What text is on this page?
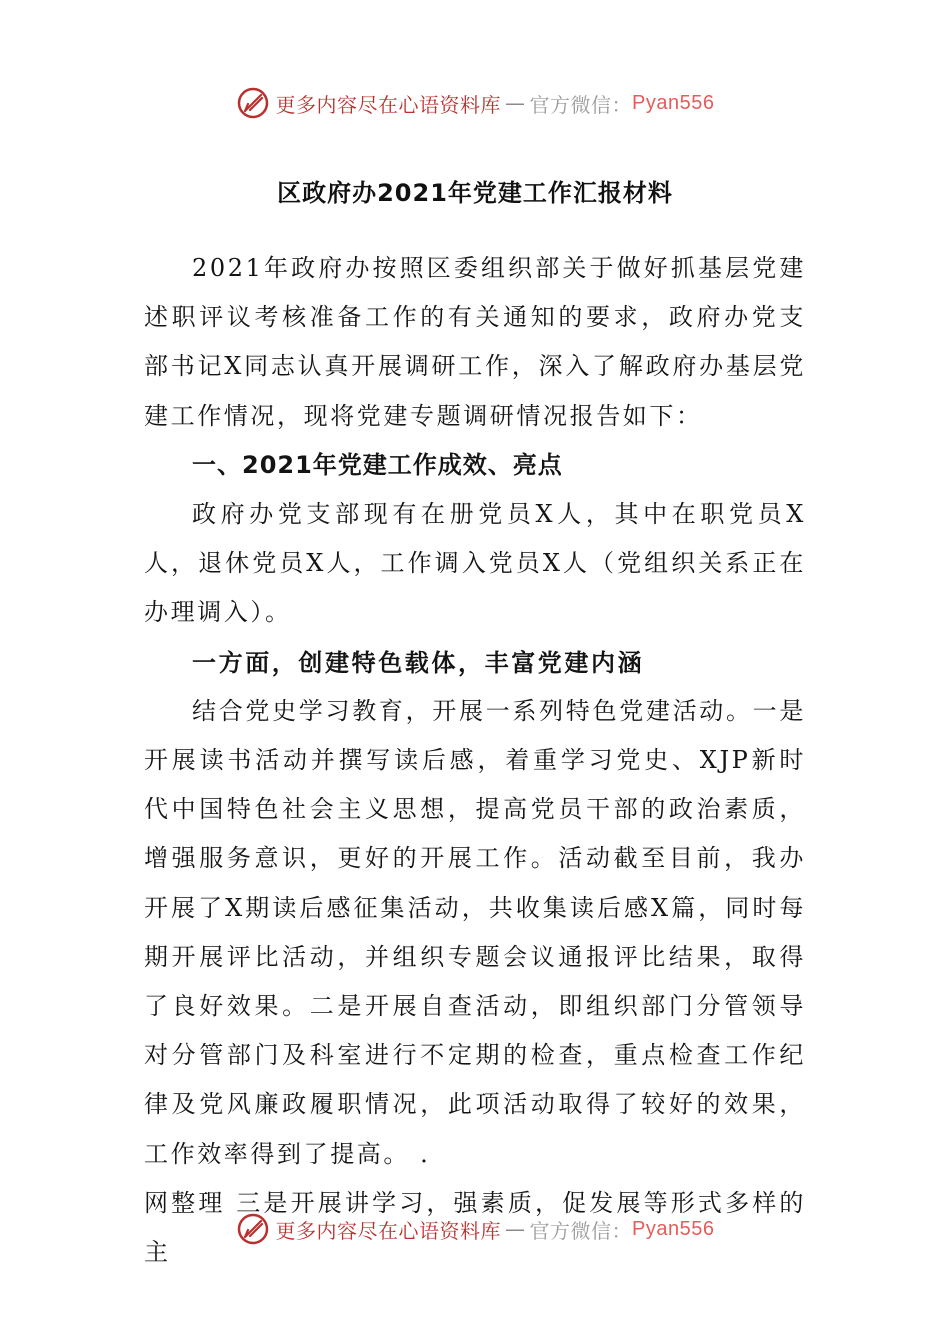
更多内容尽在心语资料库 — 官方微信： Pyan556
区政府办2021年党建工作汇报材料

2021年政府办按照区委组织部关于做好抓基层党建述职评议考核准备工作的有关通知的要求，政府办党支部书记X同志认真开展调研工作，深入了解政府办基层党建工作情况，现将党建专题调研情况报告如下：

一、2021年党建工作成效、亮点

政府办党支部现有在册党员X人，其中在职党员X人，退休党员X人，工作调入党员X人（党组织关系正在办理调入）。

一方面，创建特色载体，丰富党建内涵

结合党史学习教育，开展一系列特色党建活动。一是开展读书活动并撰写读后感，着重学习党史、XJP新时代中国特色社会主义思想，提高党员干部的政治素质，增强服务意识，更好的开展工作。活动截至目前，我办开展了X期读后感征集活动，共收集读后感X篇，同时每期开展评比活动，并组织专题会议通报评比结果，取得了良好效果。二是开展自查活动，即组织部门分管领导对分管部门及科室进行不定期的检查，重点检查工作纪律及党风廉政履职情况，此项活动取得了较好的效果，工作效率得到了提高。 ．

网整理 三是开展讲学习，强素质，促发展等形式多样的主

更多内容尽在心语资料库 — 官方微信： Pyan556
